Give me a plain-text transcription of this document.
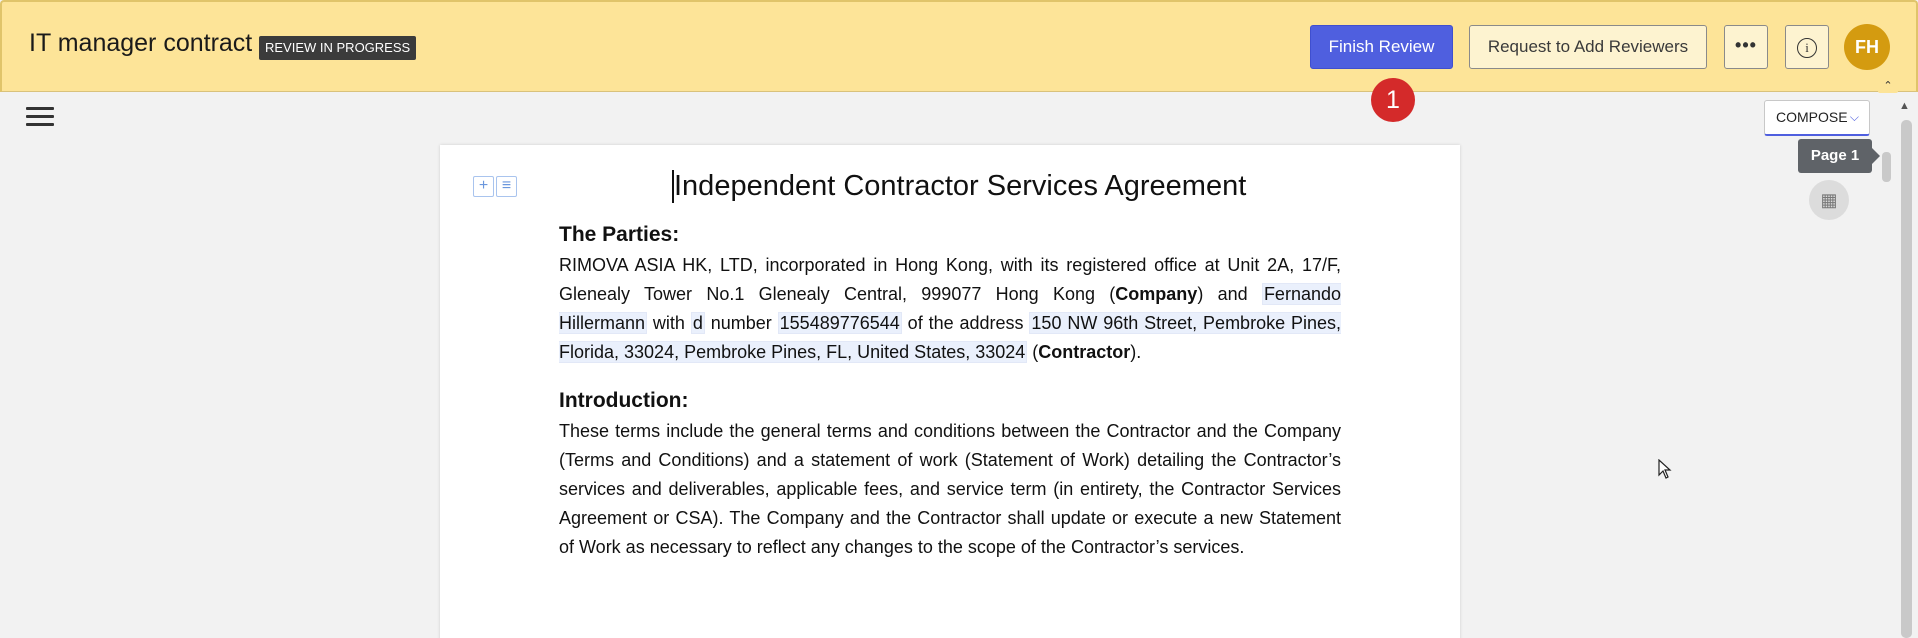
IT manager contract REVIEW IN PROGRESS	Finish Review	Request to Add Reviewers	•••	i	FH
1	⌃
COMPOSE ⌵
Page 1
▦
▲
+ ≡	Independent Contractor Services Agreement
The Parties:
RIMOVA ASIA HK, LTD, incorporated in Hong Kong, with its registered office at Unit 2A, 17/F, Glenealy Tower No.1 Glenealy Central, 999077 Hong Kong (Company) and Fernando Hillermann with d number 155489776544 of the address 150 NW 96th Street, Pembroke Pines, Florida, 33024, Pembroke Pines, FL, United States, 33024 (Contractor).
Introduction:
These terms include the general terms and conditions between the Contractor and the Company (Terms and Conditions) and a statement of work (Statement of Work) detailing the Contractor’s services and deliverables, applicable fees, and service term (in entirety, the Contractor Services Agreement or CSA). The Company and the Contractor shall update or execute a new Statement of Work as necessary to reflect any changes to the scope of the Contractor’s services.
